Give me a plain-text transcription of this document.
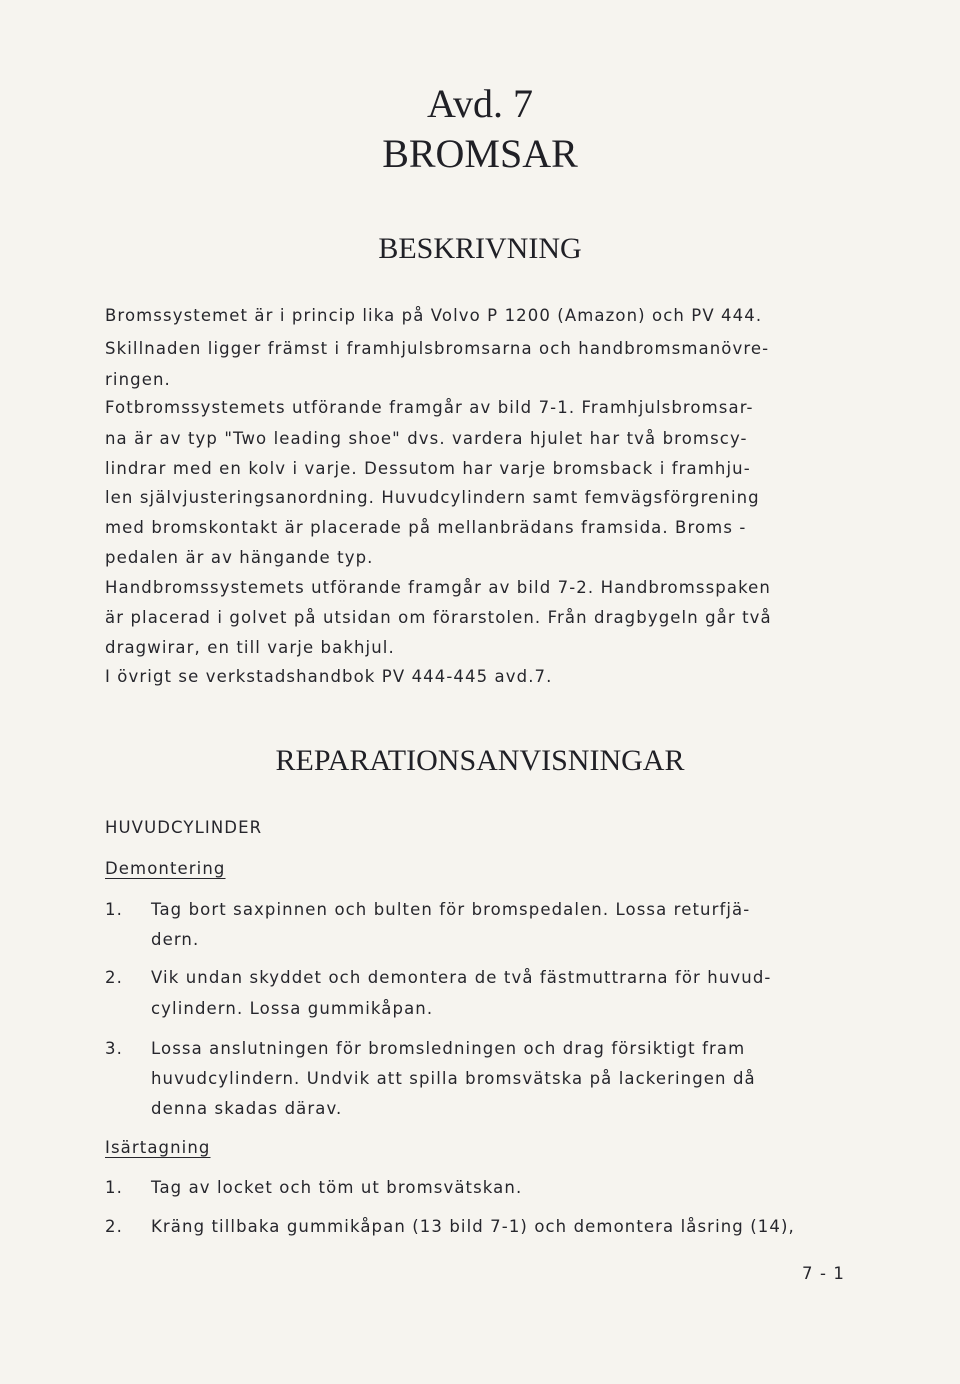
Avd. 7
BROMSAR
BESKRIVNING
Bromssystemet är i princip lika på Volvo P 1200 (Amazon) och PV 444.
Skillnaden ligger främst i framhjulsbromsarna och handbromsmanövre-
ringen.
Fotbromssystemets utförande framgår av bild 7-1. Framhjulsbromsar-
na är av typ "Two leading shoe" dvs. vardera hjulet har två bromscy-
lindrar med en kolv i varje. Dessutom har varje bromsback i framhju-
len självjusteringsanordning. Huvudcylindern samt femvägsförgrening
med bromskontakt är placerade på mellanbrädans framsida. Broms -
pedalen är av hängande typ.
Handbromssystemets utförande framgår av bild 7-2. Handbromsspaken
är placerad i golvet på utsidan om förarstolen. Från dragbygeln går två
dragwirar, en till varje bakhjul.
I övrigt se verkstadshandbok PV 444-445 avd.7.
REPARATIONSANVISNINGAR
HUVUDCYLINDER
Demontering
1. Tag bort saxpinnen och bulten för bromspedalen. Lossa returfjä-
dern.
2. Vik undan skyddet och demontera de två fästmuttrarna för huvud-
cylindern. Lossa gummikåpan.
3. Lossa anslutningen för bromsledningen och drag försiktigt fram
huvudcylindern. Undvik att spilla bromsvätska på lackeringen då
denna skadas därav.
Isärtagning
1. Tag av locket och töm ut bromsvätskan.
2. Kräng tillbaka gummikåpan (13 bild 7-1) och demontera låsring (14),
7 - 1
